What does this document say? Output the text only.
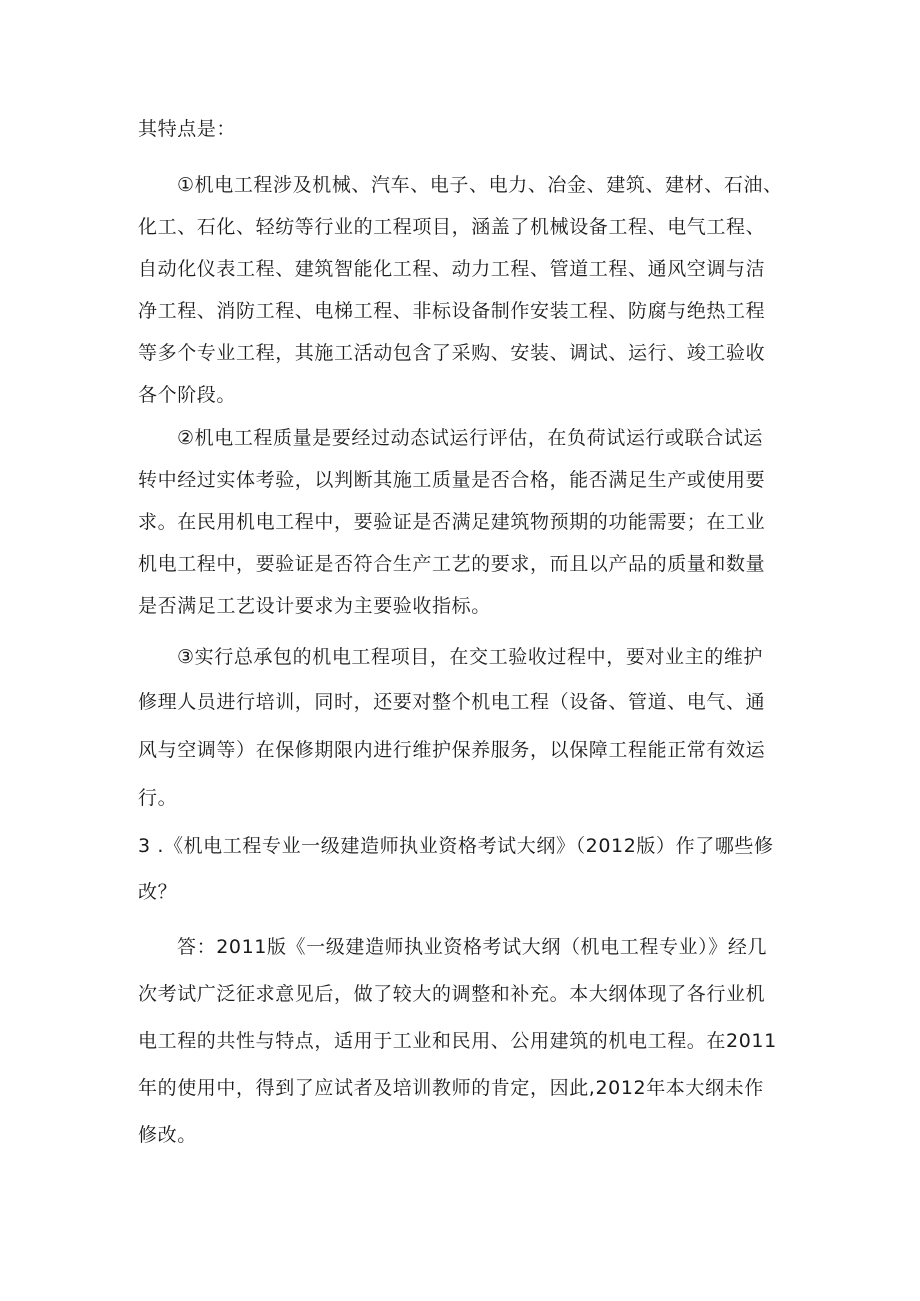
其特点是：
①机电工程涉及机械、汽车、电子、电力、冶金、建筑、建材、石油、
化工、石化、轻纺等行业的工程项目，涵盖了机械设备工程、电气工程、
自动化仪表工程、建筑智能化工程、动力工程、管道工程、通风空调与洁
净工程、消防工程、电梯工程、非标设备制作安装工程、防腐与绝热工程
等多个专业工程，其施工活动包含了采购、安装、调试、运行、竣工验收
各个阶段。
②机电工程质量是要经过动态试运行评估，在负荷试运行或联合试运
转中经过实体考验，以判断其施工质量是否合格，能否满足生产或使用要
求。在民用机电工程中，要验证是否满足建筑物预期的功能需要；在工业
机电工程中，要验证是否符合生产工艺的要求，而且以产品的质量和数量
是否满足工艺设计要求为主要验收指标。
③实行总承包的机电工程项目，在交工验收过程中，要对业主的维护
修理人员进行培训，同时，还要对整个机电工程（设备、管道、电气、通
风与空调等）在保修期限内进行维护保养服务，以保障工程能正常有效运
行。
3 .《机电工程专业一级建造师执业资格考试大纲》（2012版）作了哪些修
改？
答：2011版《一级建造师执业资格考试大纲（机电工程专业）》经几
次考试广泛征求意见后，做了较大的调整和补充。本大纲体现了各行业机
电工程的共性与特点，适用于工业和民用、公用建筑的机电工程。在2011
年的使用中，得到了应试者及培训教师的肯定，因此,2012年本大纲未作
修改。
